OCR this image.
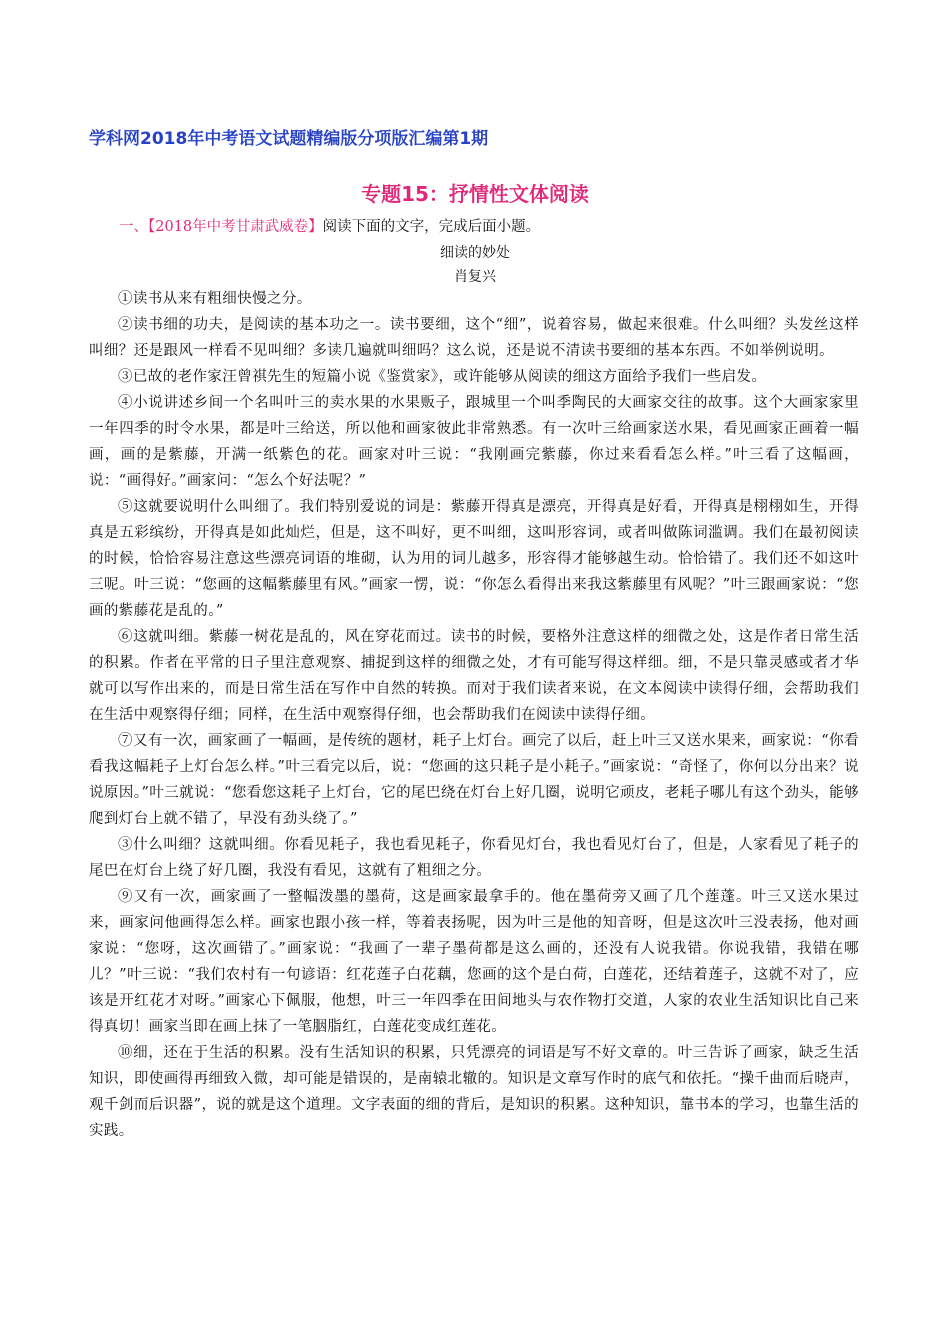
学科网2018年中考语文试题精编版分项版汇编第1期
专题15：抒情性文体阅读
一、【2018年中考甘肃武威卷】阅读下面的文字，完成后面小题。
细读的妙处
肖复兴

①读书从来有粗细快慢之分。

②读书细的功夫，是阅读的基本功之一。读书要细，这个“细”，说着容易，做起来很难。什么叫细？头发丝这样叫细？还是跟风一样看不见叫细？多读几遍就叫细吗？这么说，还是说不清读书要细的基本东西。不如举例说明。

③已故的老作家汪曾祺先生的短篇小说《鉴赏家》，或许能够从阅读的细这方面给予我们一些启发。

④小说讲述乡间一个名叫叶三的卖水果的水果贩子，跟城里一个叫季陶民的大画家交往的故事。这个大画家家里一年四季的时令水果，都是叶三给送，所以他和画家彼此非常熟悉。有一次叶三给画家送水果，看见画家正画着一幅画，画的是紫藤，开满一纸紫色的花。画家对叶三说：“我刚画完紫藤，你过来看看怎么样。”叶三看了这幅画，说：“画得好。”画家问：“怎么个好法呢？”

⑤这就要说明什么叫细了。我们特别爱说的词是：紫藤开得真是漂亮，开得真是好看，开得真是栩栩如生，开得真是五彩缤纷，开得真是如此灿烂，但是，这不叫好，更不叫细，这叫形容词，或者叫做陈词滥调。我们在最初阅读的时候，恰恰容易注意这些漂亮词语的堆砌，认为用的词儿越多，形容得才能够越生动。恰恰错了。我们还不如这叶三呢。叶三说：“您画的这幅紫藤里有风。”画家一愣，说：“你怎么看得出来我这紫藤里有风呢？”叶三跟画家说：“您画的紫藤花是乱的。”

⑥这就叫细。紫藤一树花是乱的，风在穿花而过。读书的时候，要格外注意这样的细微之处，这是作者日常生活的积累。作者在平常的日子里注意观察、捕捉到这样的细微之处，才有可能写得这样细。细，不是只靠灵感或者才华就可以写作出来的，而是日常生活在写作中自然的转换。而对于我们读者来说，在文本阅读中读得仔细，会帮助我们在生活中观察得仔细；同样，在生活中观察得仔细，也会帮助我们在阅读中读得仔细。

⑦又有一次，画家画了一幅画，是传统的题材，耗子上灯台。画完了以后，赶上叶三又送水果来，画家说：“你看看我这幅耗子上灯台怎么样。”叶三看完以后，说：“您画的这只耗子是小耗子。”画家说：“奇怪了，你何以分出来？说说原因。”叶三就说：“您看您这耗子上灯台，它的尾巴绕在灯台上好几圈，说明它顽皮，老耗子哪儿有这个劲头，能够爬到灯台上就不错了，早没有劲头绕了。”

③什么叫细？这就叫细。你看见耗子，我也看见耗子，你看见灯台，我也看见灯台了，但是，人家看见了耗子的尾巴在灯台上绕了好几圈，我没有看见，这就有了粗细之分。

⑨又有一次，画家画了一整幅泼墨的墨荷，这是画家最拿手的。他在墨荷旁又画了几个莲蓬。叶三又送水果过来，画家问他画得怎么样。画家也跟小孩一样，等着表扬呢，因为叶三是他的知音呀，但是这次叶三没表扬，他对画家说：“您呀，这次画错了。”画家说：“我画了一辈子墨荷都是这么画的，还没有人说我错。你说我错，我错在哪儿？”叶三说：“我们农村有一句谚语：红花莲子白花藕，您画的这个是白荷，白莲花，还结着莲子，这就不对了，应该是开红花才对呀。”画家心下佩服，他想，叶三一年四季在田间地头与农作物打交道，人家的农业生活知识比自己来得真切！画家当即在画上抹了一笔胭脂红，白莲花变成红莲花。

⑩细，还在于生活的积累。没有生活知识的积累，只凭漂亮的词语是写不好文章的。叶三告诉了画家，缺乏生活知识，即使画得再细致入微，却可能是错误的，是南辕北辙的。知识是文章写作时的底气和依托。“操千曲而后晓声，观千剑而后识器”，说的就是这个道理。文字表面的细的背后，是知识的积累。这种知识，靠书本的学习，也靠生活的实践。
